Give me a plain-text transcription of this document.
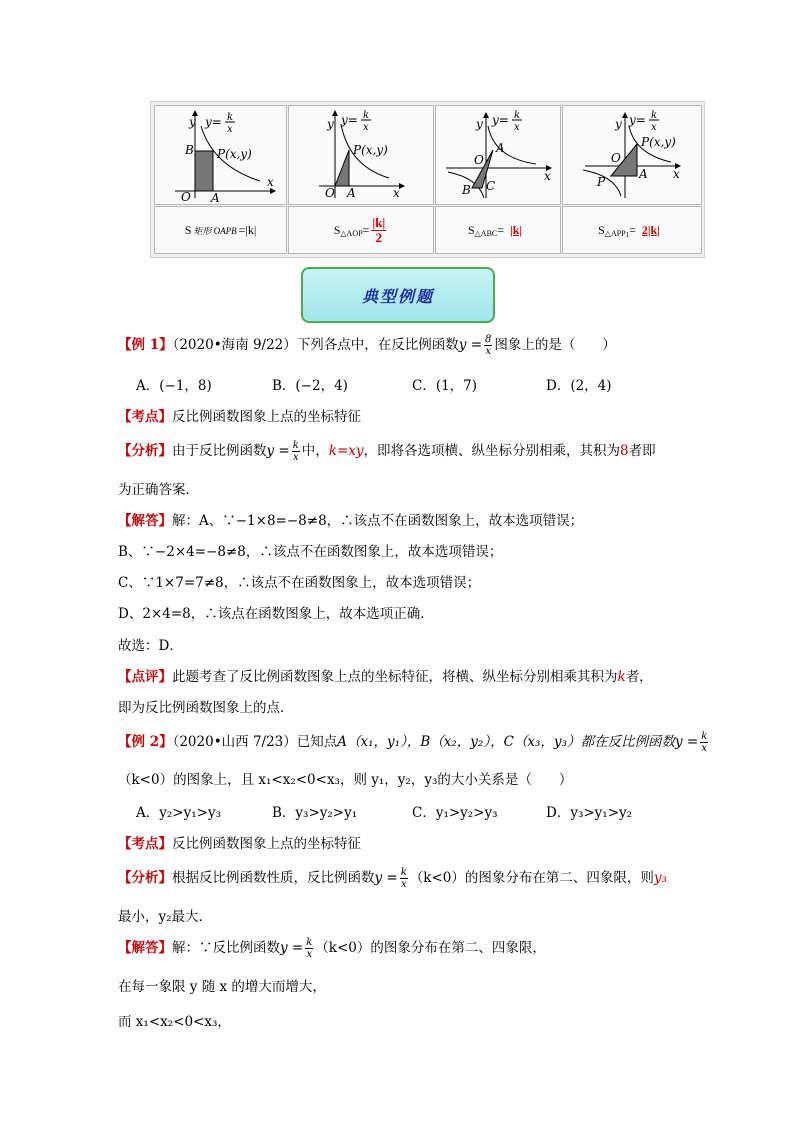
y y= k
x
B P(x,y)
O A
x
y y= k
x
P(x,y)
O A	x
y y= k
x
O
A
B C
x
y y= k
x
P(x,y)
O
A
P
x
S 矩形 OAPB =|k|	S △AOP = $\frac{|k|}{2}$	S △ABC = |k|	S △APP 1 = 2|k|
典型例题
【例 1】（2020•海南 9/22）下列各点中，在反比例函数$y = \frac{8}{x}$ 图象上的是（　　）
A．(−1，8)	B．(−2，4)	C．(1，7)	D．(2，4)
【考点】反比例函数图象上点的坐标特征
【分析】由于反比例函数$y = \frac{k}{x}$ 中，k=xy，即将各选项横、纵坐标分别相乘，其积为8者即
为正确答案．
【解答】解：A、∵−1×8=−8≠8，∴该点不在函数图象上，故本选项错误；
B、∵−2×4=−8≠8，∴该点不在函数图象上，故本选项错误；
C、∵1×7=7≠8，∴该点不在函数图象上，故本选项错误；
D、2×4=8，∴该点在函数图象上，故本选项正确．
故选：D．
【点评】此题考查了反比例函数图象上点的坐标特征，将横、纵坐标分别相乘其积为k者，
即为反比例函数图象上的点．
【例 2】（2020•山西 7/23）已知点A（x₁，y₁），B（x₂，y₂），C（x₃，y₃）都在反比例函数$y = \frac{k}{x}$
（k<0）的图象上，且 x₁<x₂<0<x₃，则 y₁，y₂，y₃的大小关系是（　　）
A．y₂>y₁>y₃	B．y₃>y₂>y₁	C．y₁>y₂>y₃	D．y₃>y₁>y₂
【考点】反比例函数图象上点的坐标特征
【分析】根据反比例函数性质，反比例函数$y = \frac{k}{x} (k<0)$的图象分布在第二、四象限，则y₃
最小，y₂最大．
【解答】解：∵反比例函数$y = \frac{k}{x} (k<0)$的图象分布在第二、四象限，
在每一象限 y 随 x 的增大而增大，
而 x₁<x₂<0<x₃，
